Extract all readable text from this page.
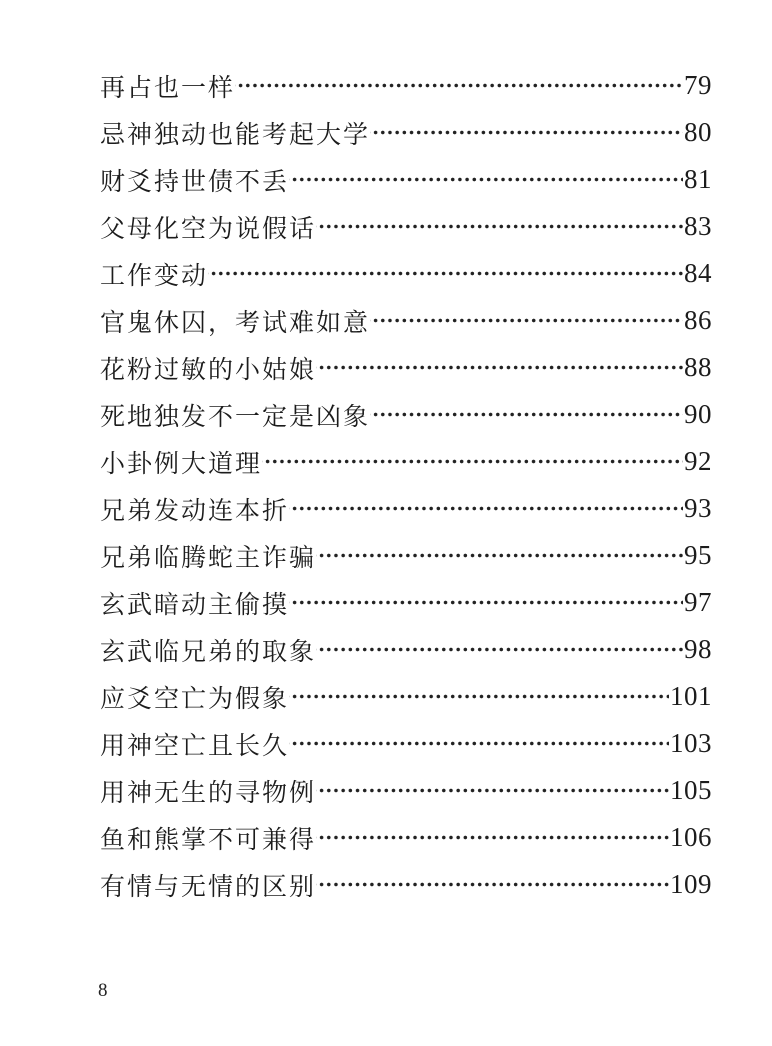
再占也一样	79
忌神独动也能考起大学	80
财爻持世债不丢	81
父母化空为说假话	83
工作变动	84
官鬼休囚，考试难如意	86
花粉过敏的小姑娘	88
死地独发不一定是凶象	90
小卦例大道理	92
兄弟发动连本折	93
兄弟临腾蛇主诈骗	95
玄武暗动主偷摸	97
玄武临兄弟的取象	98
应爻空亡为假象	101
用神空亡且长久	103
用神无生的寻物例	105
鱼和熊掌不可兼得	106
有情与无情的区别	109
8
